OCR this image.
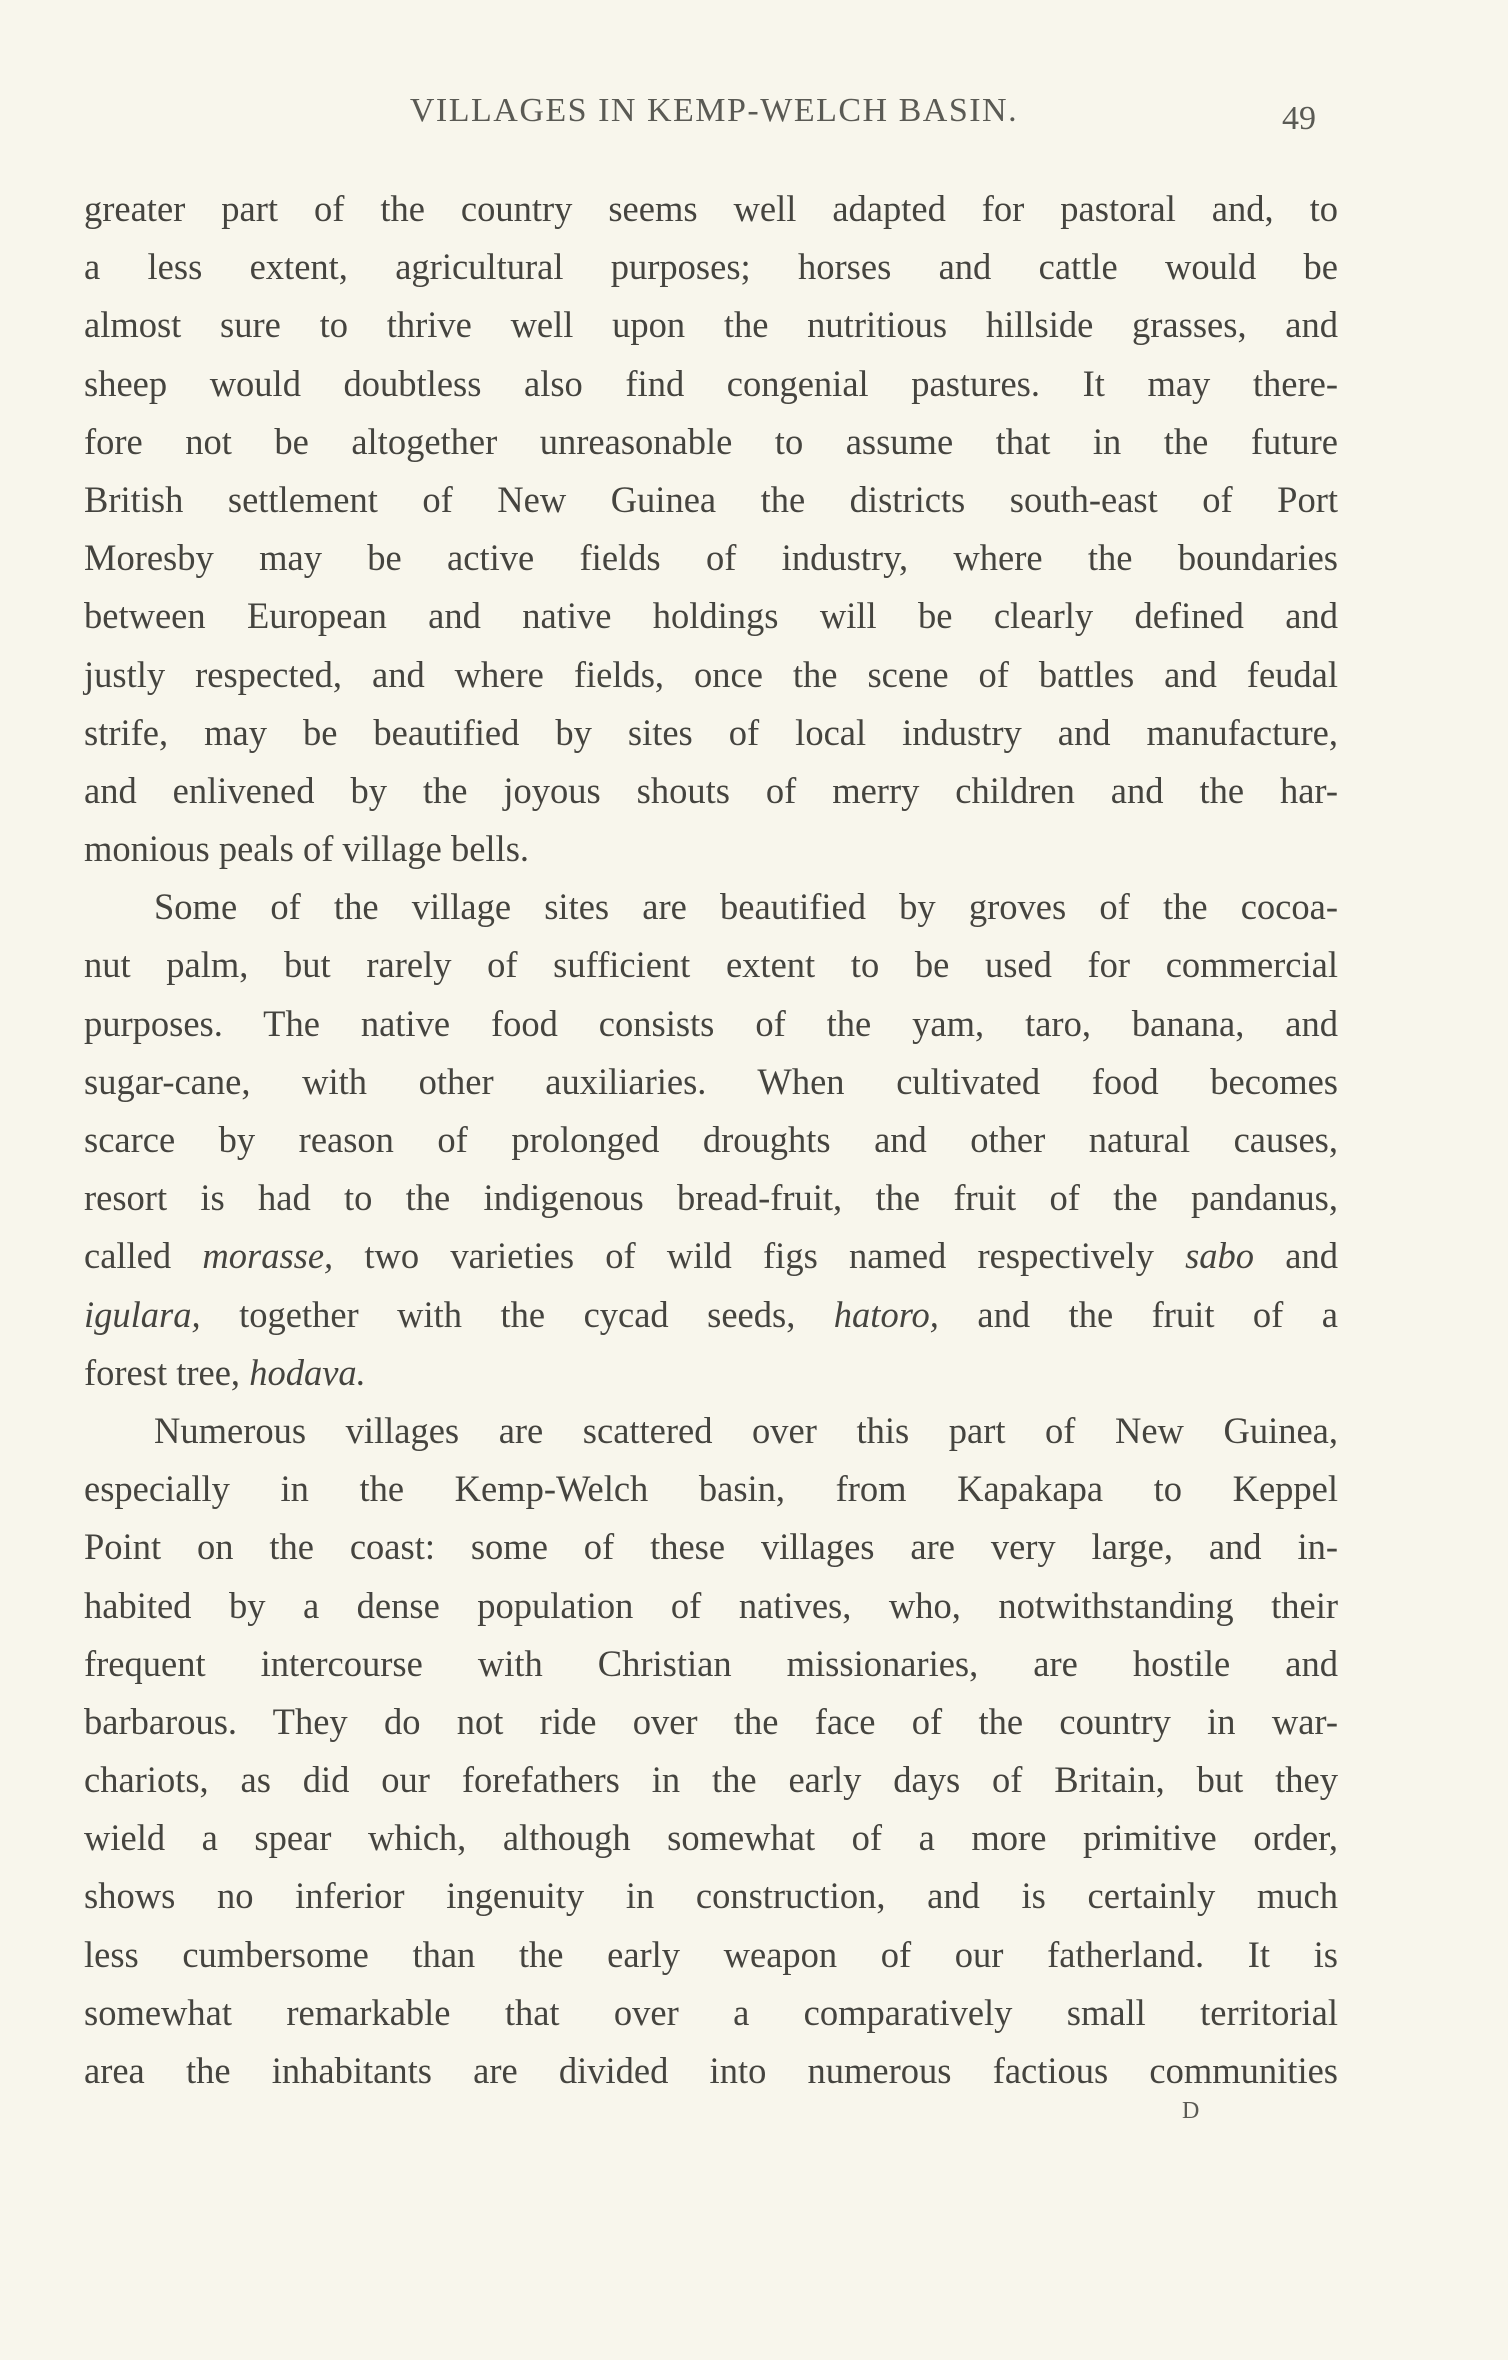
VILLAGES IN KEMP-WELCH BASIN.	49
greater part of the country seems well adapted for pastoral and, to
a less extent, agricultural purposes; horses and cattle would be
almost sure to thrive well upon the nutritious hillside grasses, and
sheep would doubtless also find congenial pastures. It may there-
fore not be altogether unreasonable to assume that in the future
British settlement of New Guinea the districts south-east of Port
Moresby may be active fields of industry, where the boundaries
between European and native holdings will be clearly defined and
justly respected, and where fields, once the scene of battles and feudal
strife, may be beautified by sites of local industry and manufacture,
and enlivened by the joyous shouts of merry children and the har-
monious peals of village bells.
Some of the village sites are beautified by groves of the cocoa-
nut palm, but rarely of sufficient extent to be used for commercial
purposes. The native food consists of the yam, taro, banana, and
sugar-cane, with other auxiliaries. When cultivated food becomes
scarce by reason of prolonged droughts and other natural causes,
resort is had to the indigenous bread-fruit, the fruit of the pandanus,
called morasse, two varieties of wild figs named respectively sabo and
igulara, together with the cycad seeds, hatoro, and the fruit of a
forest tree, hodava.
Numerous villages are scattered over this part of New Guinea,
especially in the Kemp-Welch basin, from Kapakapa to Keppel
Point on the coast: some of these villages are very large, and in-
habited by a dense population of natives, who, notwithstanding their
frequent intercourse with Christian missionaries, are hostile and
barbarous. They do not ride over the face of the country in war-
chariots, as did our forefathers in the early days of Britain, but they
wield a spear which, although somewhat of a more primitive order,
shows no inferior ingenuity in construction, and is certainly much
less cumbersome than the early weapon of our fatherland. It is
somewhat remarkable that over a comparatively small territorial
area the inhabitants are divided into numerous factious communities
D
